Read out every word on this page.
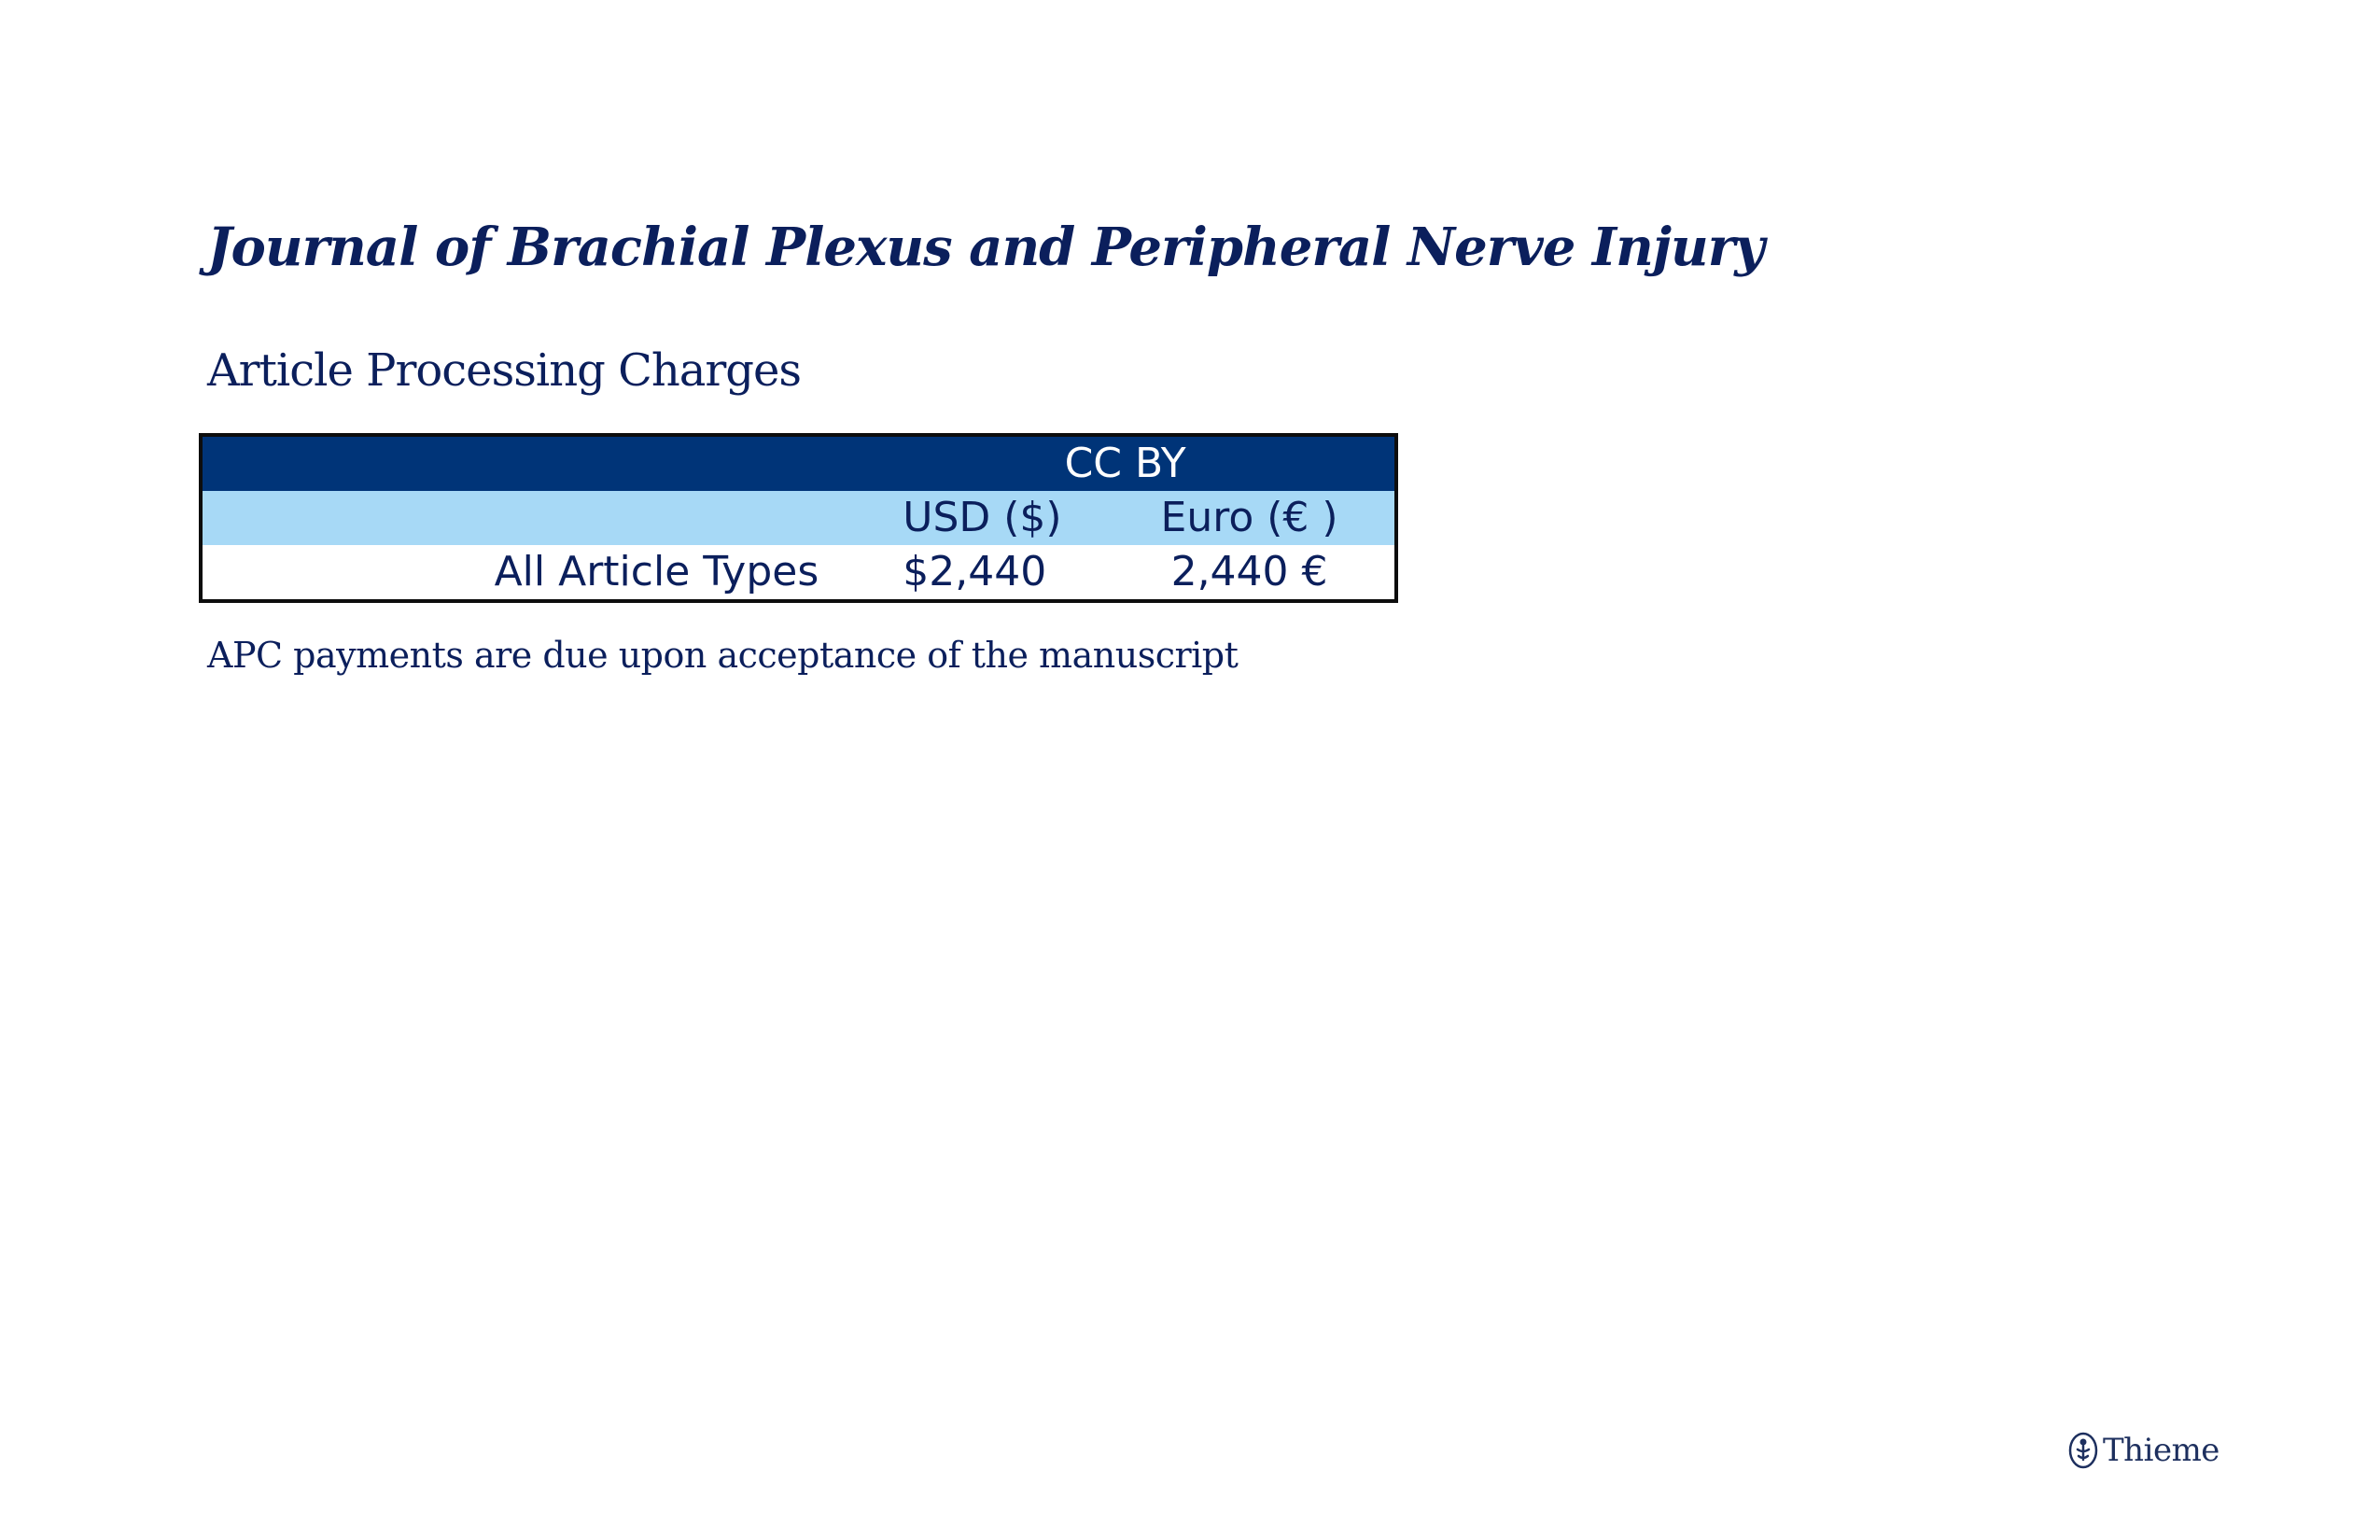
Journal of Brachial Plexus and Peripheral Nerve Injury
Article Processing Charges
	CC BY	
	USD ($)	Euro (€ )
All Article Types	$2,440	2,440 €

APC payments are due upon acceptance of the manuscript

Thieme
